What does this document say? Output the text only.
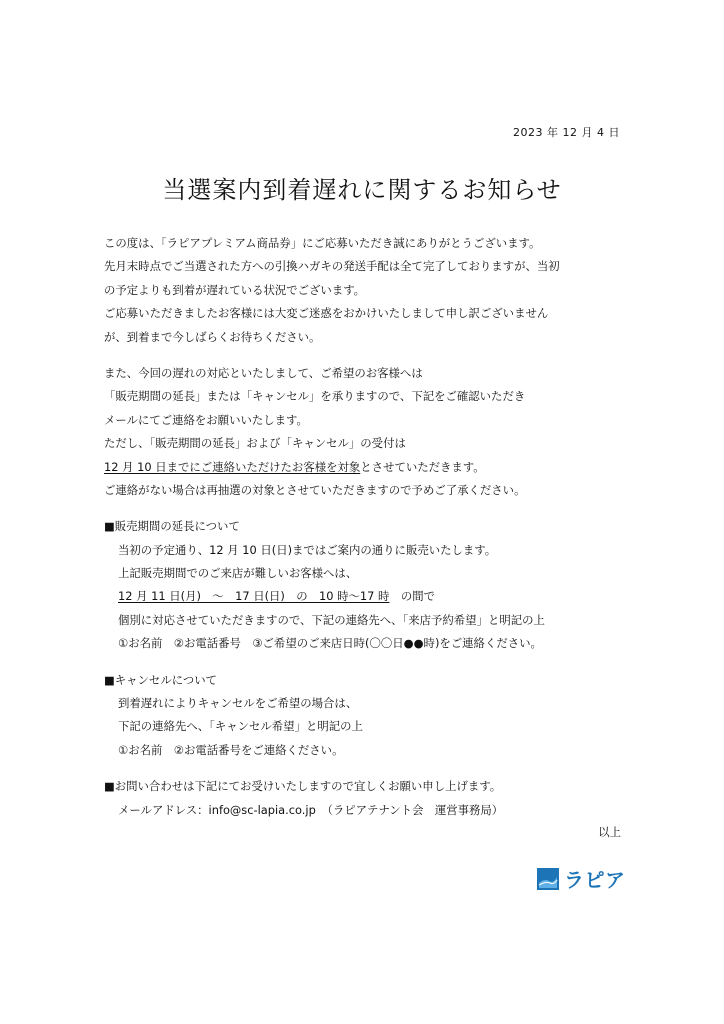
2023 年 12 月 4 日
当選案内到着遅れに関するお知らせ
この度は、「ラピアプレミアム商品券」にご応募いただき誠にありがとうございます。
先月末時点でご当選された方への引換ハガキの発送手配は全て完了しておりますが、当初
の予定よりも到着が遅れている状況でございます。
ご応募いただきましたお客様には大変ご迷惑をおかけいたしまして申し訳ございません
が、到着まで今しばらくお待ちください。
また、今回の遅れの対応といたしまして、ご希望のお客様へは
「販売期間の延長」または「キャンセル」を承りますので、下記をご確認いただき
メールにてご連絡をお願いいたします。
ただし、「販売期間の延長」および「キャンセル」の受付は
12 月 10 日までにご連絡いただけたお客様を対象とさせていただきます。
ご連絡がない場合は再抽選の対象とさせていただきますので予めご了承ください。
■販売期間の延長について
当初の予定通り、12 月 10 日(日)まではご案内の通りに販売いたします。
上記販売期間でのご来店が難しいお客様へは、
12 月 11 日(月)　～　17 日(日)　の　10 時～17 時　の間で
個別に対応させていただきますので、下記の連絡先へ、「来店予約希望」と明記の上
①お名前　②お電話番号　③ご希望のご来店日時(〇〇日●●時)をご連絡ください。
■キャンセルについて
到着遅れによりキャンセルをご希望の場合は、
下記の連絡先へ、「キャンセル希望」と明記の上
①お名前　②お電話番号をご連絡ください。
■お問い合わせは下記にてお受けいたしますので宜しくお願い申し上げます。
メールアドレス：info@sc-lapia.co.jp　（ラピアテナント会　運営事務局）
以上
ラピア
